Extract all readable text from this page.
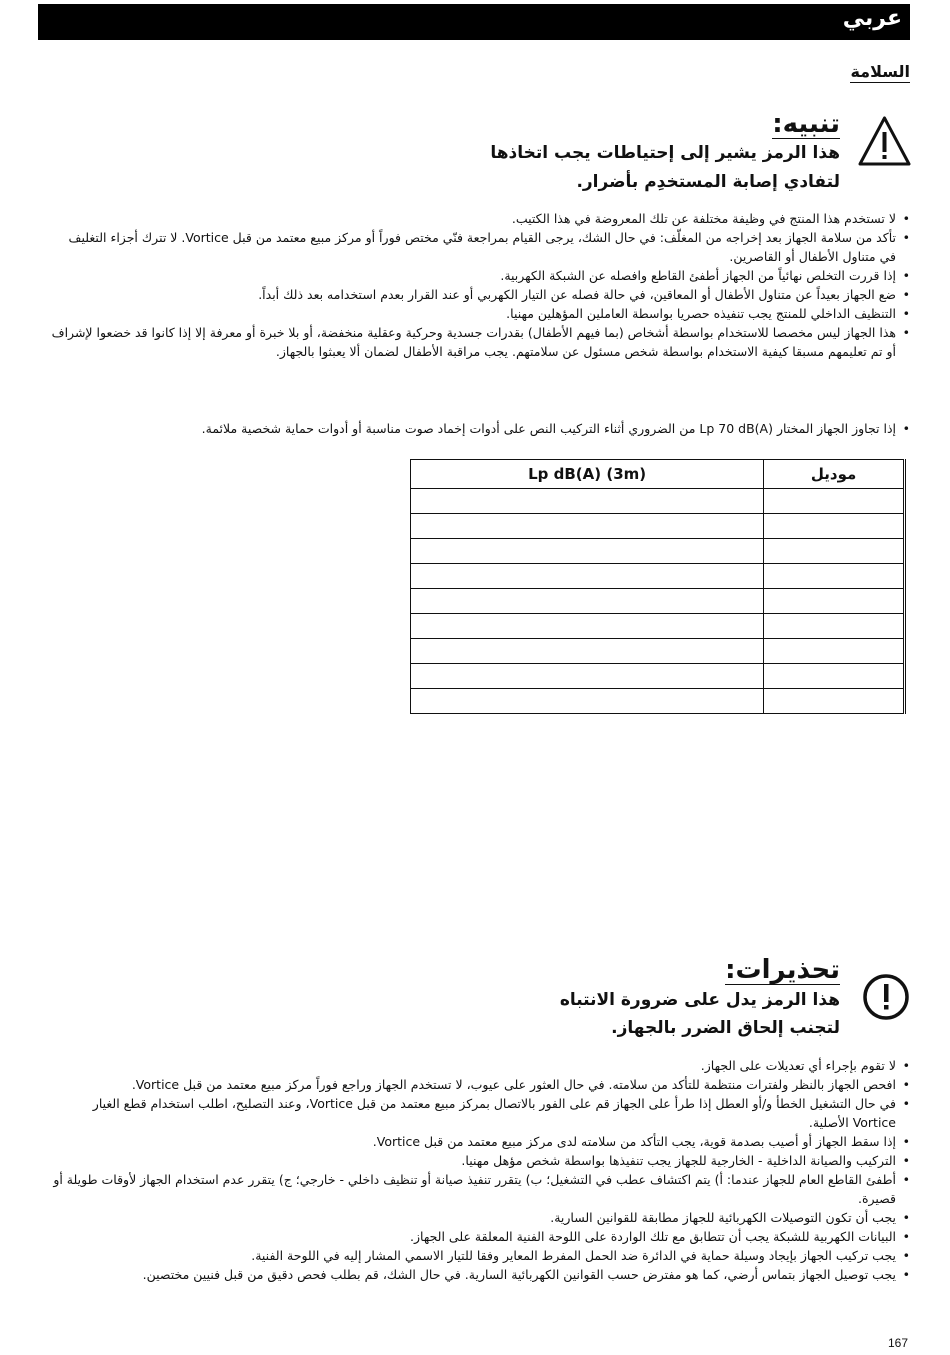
عربي
السلامة
تنبيه:
هذا الرمز يشير إلى إحتياطات يجب اتخاذها
لتفادي إصابة المستخدِم بأضرار.
• لا تستخدم هذا المنتج في وظيفة مختلفة عن تلك المعروضة في هذا الكتيب.
• تأكد من سلامة الجهاز بعد إخراجه من المغلّف: في حال الشك، يرجى القيام بمراجعة فنّي مختص فوراً أو مركز مبيع معتمد من قبل Vortice. لا تترك أجزاء التغليف في متناول الأطفال أو القاصرين.
• إذا قررت التخلص نهائياً من الجهاز أطفئ القاطع وافصله عن الشبكة الكهربية.
• ضع الجهاز بعيداً عن متناول الأطفال أو المعاقين، في حالة فصله عن التيار الكهربي أو عند القرار بعدم استخدامه بعد ذلك أبداً.
• التنظيف الداخلي للمنتج يجب تنفيذه حصريا بواسطة العاملين المؤهلين مهنيا.
• هذا الجهاز ليس مخصصا للاستخدام بواسطة أشخاص (بما فيهم الأطفال) بقدرات جسدية وحركية وعقلية منخفضة، أو بلا خبرة أو معرفة إلا إذا كانوا قد خضعوا لإشراف أو تم تعليمهم مسبقا كيفية الاستخدام بواسطة شخص مسئول عن سلامتهم. يجب مراقبة الأطفال لضمان ألا يعبثوا بالجهاز.
•
إذا تجاوز الجهاز المختار Lp 70 dB(A) من الضروري أثناء التركيب النص على أدوات إخماد صوت مناسبة أو أدوات حماية شخصية ملائمة.
Lp dB(A) (3m)	موديل

تحذيرات:
هذا الرمز يدل على ضرورة الانتباه
لتجنب إلحاق الضرر بالجهاز.
• لا تقوم بإجراء أي تعديلات على الجهاز.
• افحص الجهاز بالنظر ولفترات منتظمة للتأكد من سلامته. في حال العثور على عيوب، لا تستخدم الجهاز وراجع فوراً مركز مبيع معتمد من قبل Vortice.
• في حال التشغيل الخطأ و/أو العطل إذا طرأ على الجهاز قم على الفور بالاتصال بمركز مبيع معتمد من قبل Vortice، وعند التصليح، اطلب استخدام قطع الغيار Vortice الأصلية.
• إذا سقط الجهاز أو أصيب بصدمة قوية، يجب التأكد من سلامته لدى مركز مبيع معتمد من قبل Vortice.
• التركيب والصيانة الداخلية - الخارجية للجهاز يجب تنفيذها بواسطة شخص مؤهل مهنيا.
• أطفئ القاطع العام للجهاز عندما: أ) يتم اكتشاف عطب في التشغيل؛ ب) يتقرر تنفيذ صيانة أو تنظيف داخلي - خارجي؛ ج) يتقرر عدم استخدام الجهاز لأوقات طويلة أو قصيرة.
• يجب أن تكون التوصيلات الكهربائية للجهاز مطابقة للقوانين السارية.
• البيانات الكهربية للشبكة يجب أن تتطابق مع تلك الواردة على اللوحة الفنية المعلقة على الجهاز.
• يجب تركيب الجهاز بإيجاد وسيلة حماية في الدائرة ضد الحمل المفرط المعاير وفقا للتيار الاسمي المشار إليه في اللوحة الفنية.
• يجب توصيل الجهاز بتماس أرضي، كما هو مفترض حسب القوانين الكهربائية السارية. في حال الشك، قم بطلب فحص دقيق من قبل فنيين مختصين.
167
